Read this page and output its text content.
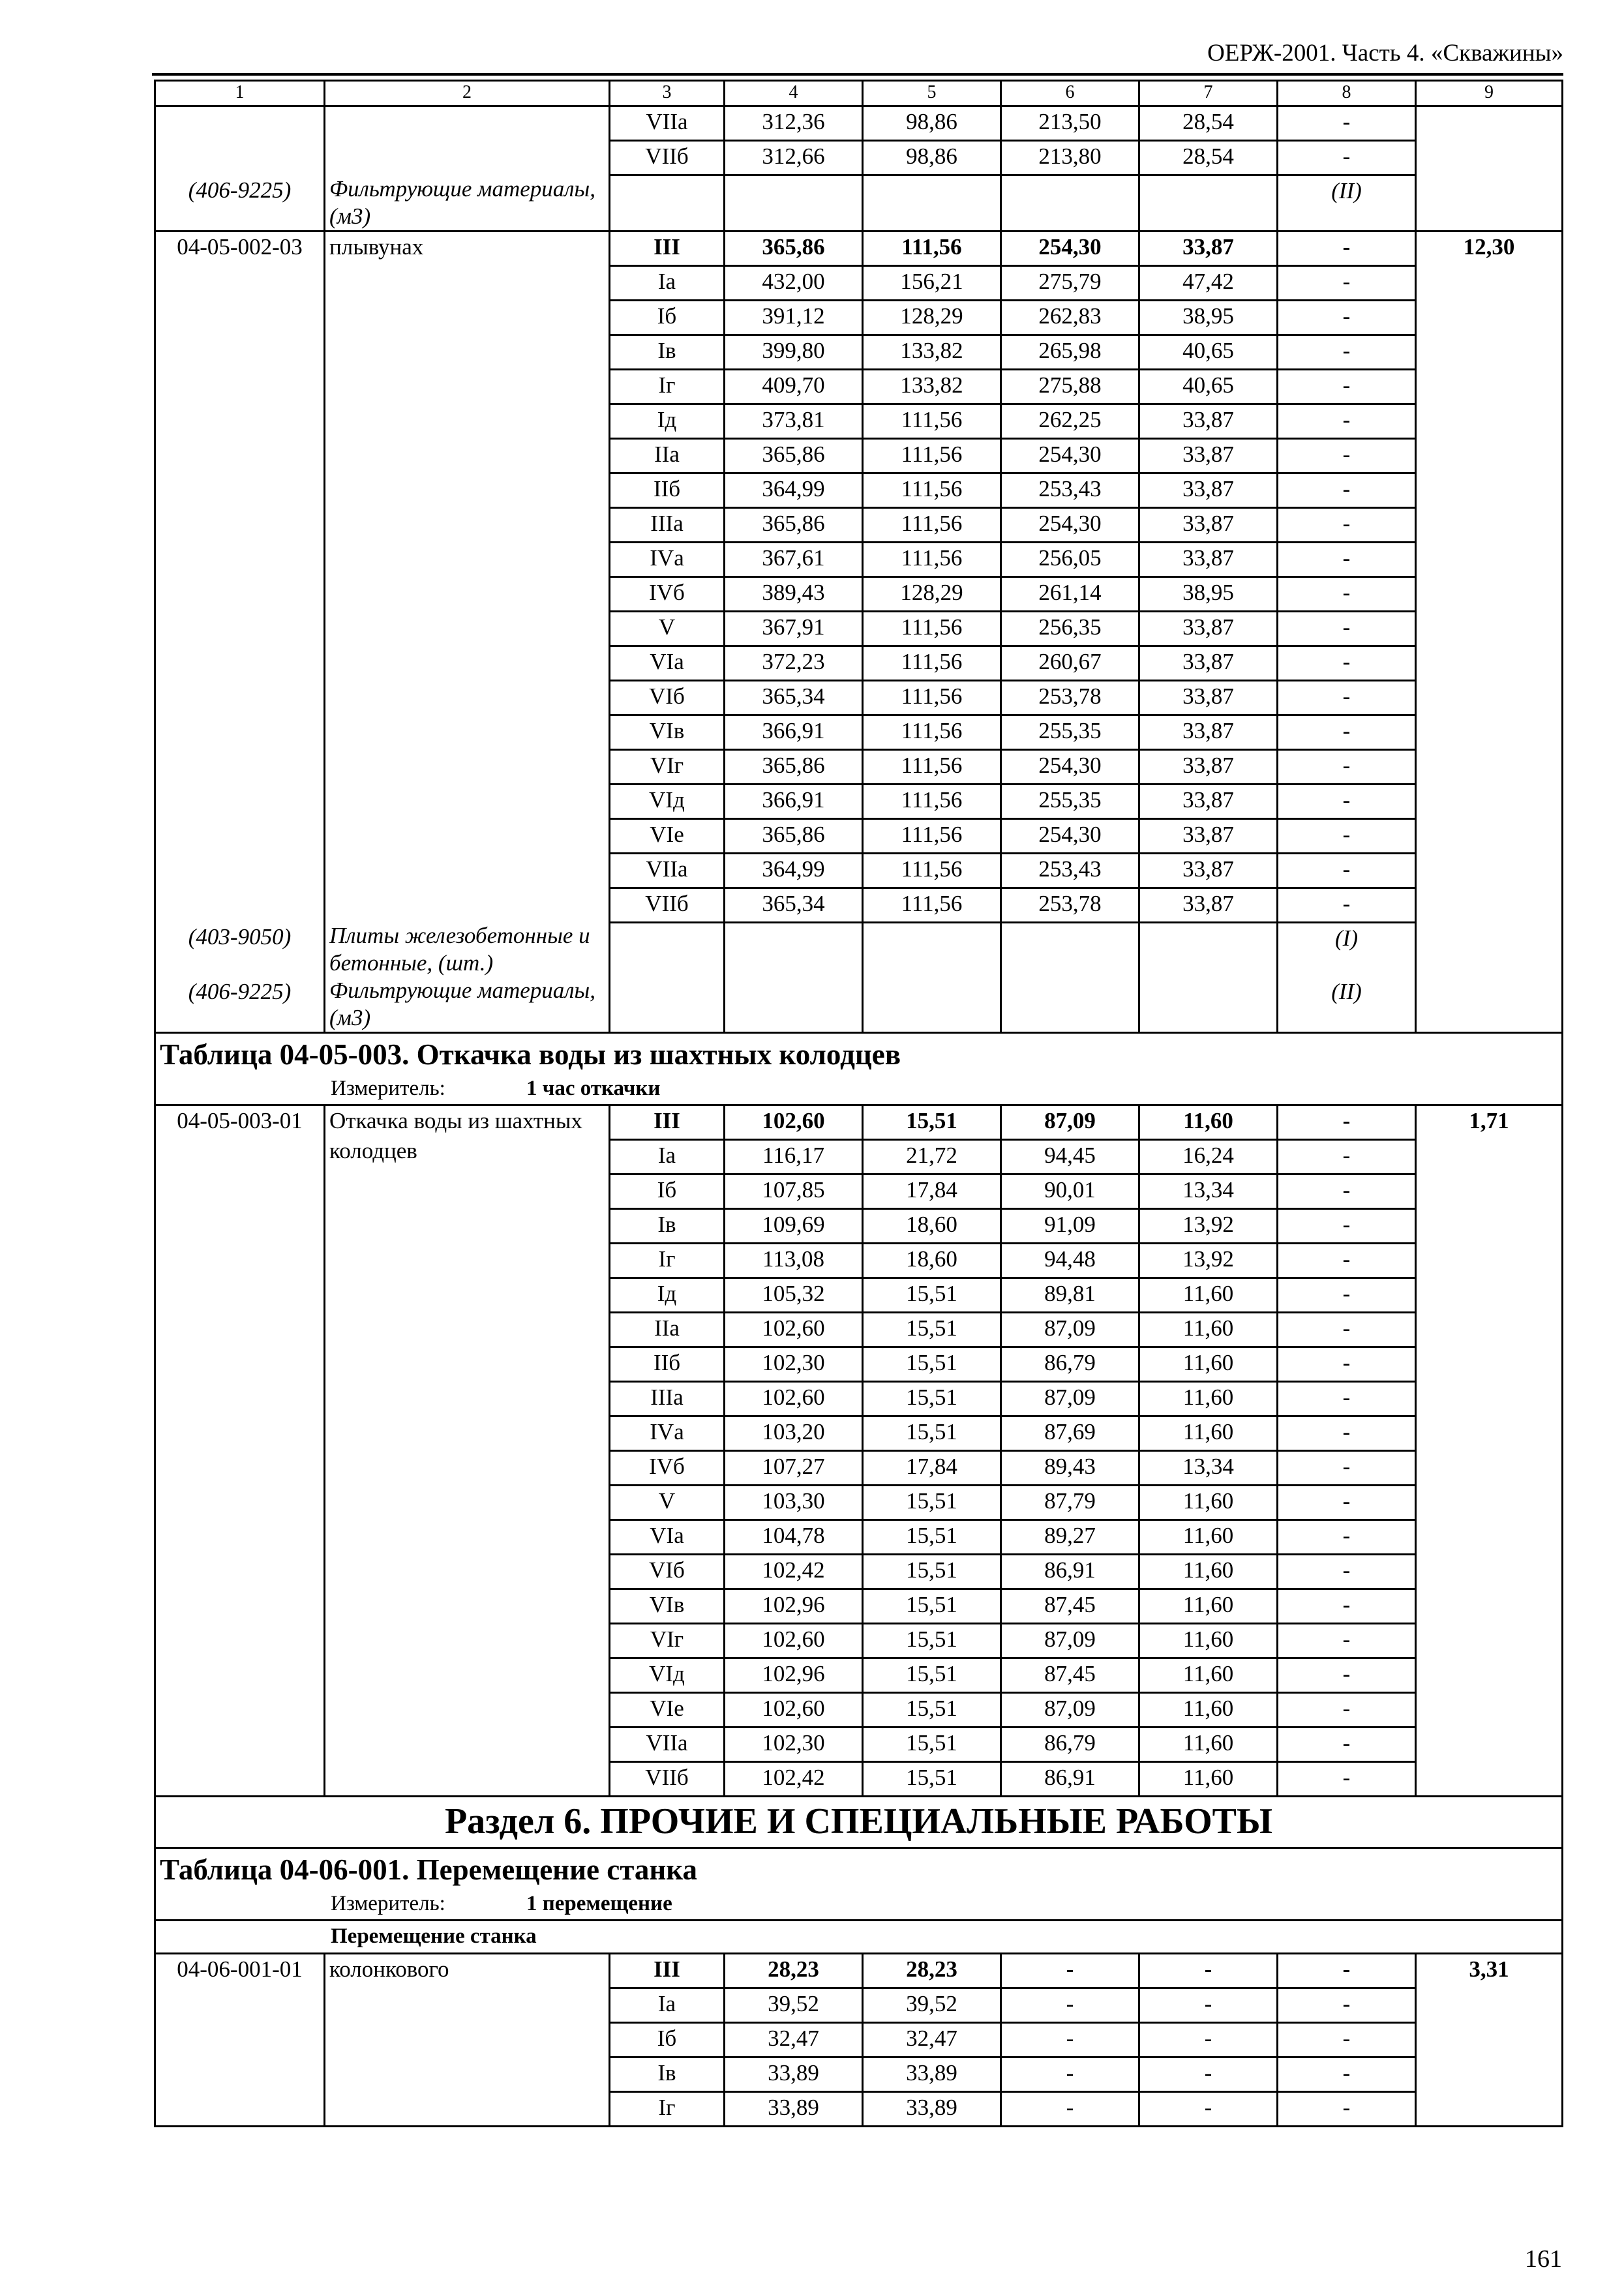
ОЕРЖ-2001. Часть 4. «Скважины»
1	2	3	4	5	6	7	8	9
		VIIа	312,36	98,86	213,50	28,54	-	
		VIIб	312,66	98,86	213,80	28,54	-	
(406-9225)	Фильтрующие материалы, (м3)						(II)	
04-05-002-03	плывунах	III	365,86	111,56	254,30	33,87	-	12,30
		Iа	432,00	156,21	275,79	47,42	-	
		Iб	391,12	128,29	262,83	38,95	-	
		Iв	399,80	133,82	265,98	40,65	-	
		Iг	409,70	133,82	275,88	40,65	-	
		Iд	373,81	111,56	262,25	33,87	-	
		IIа	365,86	111,56	254,30	33,87	-	
		IIб	364,99	111,56	253,43	33,87	-	
		IIIа	365,86	111,56	254,30	33,87	-	
		IVа	367,61	111,56	256,05	33,87	-	
		IVб	389,43	128,29	261,14	38,95	-	
		V	367,91	111,56	256,35	33,87	-	
		VIа	372,23	111,56	260,67	33,87	-	
		VIб	365,34	111,56	253,78	33,87	-	
		VIв	366,91	111,56	255,35	33,87	-	
		VIг	365,86	111,56	254,30	33,87	-	
		VIд	366,91	111,56	255,35	33,87	-	
		VIе	365,86	111,56	254,30	33,87	-	
		VIIа	364,99	111,56	253,43	33,87	-	
		VIIб	365,34	111,56	253,78	33,87	-	
(403-9050)	Плиты железобетонные и бетонные, (шт.)						(I)	
(406-9225)	Фильтрующие материалы, (м3)						(II)	
Таблица 04-05-003. Откачка воды из шахтных колодцев								
Измеритель: 1 час откачки								
04-05-003-01	Откачка воды из шахтных колодцев	III	102,60	15,51	87,09	11,60	-	1,71
		Iа	116,17	21,72	94,45	16,24	-	
		Iб	107,85	17,84	90,01	13,34	-	
		Iв	109,69	18,60	91,09	13,92	-	
		Iг	113,08	18,60	94,48	13,92	-	
		Iд	105,32	15,51	89,81	11,60	-	
		IIа	102,60	15,51	87,09	11,60	-	
		IIб	102,30	15,51	86,79	11,60	-	
		IIIа	102,60	15,51	87,09	11,60	-	
		IVа	103,20	15,51	87,69	11,60	-	
		IVб	107,27	17,84	89,43	13,34	-	
		V	103,30	15,51	87,79	11,60	-	
		VIа	104,78	15,51	89,27	11,60	-	
		VIб	102,42	15,51	86,91	11,60	-	
		VIв	102,96	15,51	87,45	11,60	-	
		VIг	102,60	15,51	87,09	11,60	-	
		VIд	102,96	15,51	87,45	11,60	-	
		VIе	102,60	15,51	87,09	11,60	-	
		VIIа	102,30	15,51	86,79	11,60	-	
		VIIб	102,42	15,51	86,91	11,60	-	
Раздел 6. ПРОЧИЕ И СПЕЦИАЛЬНЫЕ РАБОТЫ								
Таблица 04-06-001. Перемещение станка								
Измеритель: 1 перемещение								
Перемещение станка								
04-06-001-01	колонкового	III	28,23	28,23	-	-	-	3,31
		Iа	39,52	39,52	-	-	-	
		Iб	32,47	32,47	-	-	-	
		Iв	33,89	33,89	-	-	-	
		Iг	33,89	33,89	-	-	-	
161
